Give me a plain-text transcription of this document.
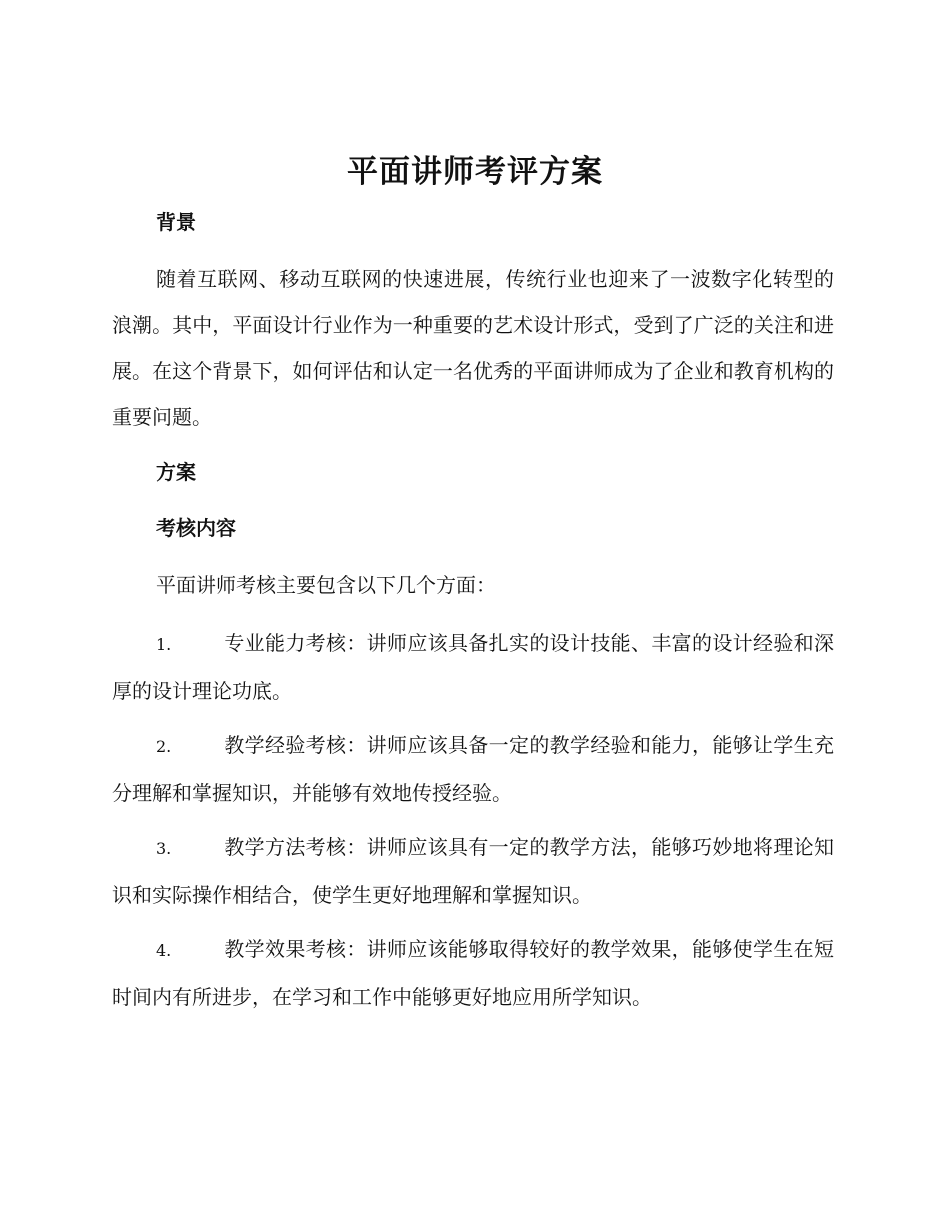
平面讲师考评方案
背景

随着互联网、移动互联网的快速进展，传统行业也迎来了一波数字化转型的浪潮。其中，平面设计行业作为一种重要的艺术设计形式，受到了广泛的关注和进展。在这个背景下，如何评估和认定一名优秀的平面讲师成为了企业和教育机构的重要问题。

方案
考核内容

平面讲师考核主要包含以下几个方面：

1.	专业能力考核：讲师应该具备扎实的设计技能、丰富的设计经验和深厚的设计理论功底。

2.	教学经验考核：讲师应该具备一定的教学经验和能力，能够让学生充分理解和掌握知识，并能够有效地传授经验。

3.	教学方法考核：讲师应该具有一定的教学方法，能够巧妙地将理论知识和实际操作相结合，使学生更好地理解和掌握知识。

4.	教学效果考核：讲师应该能够取得较好的教学效果，能够使学生在短时间内有所进步，在学习和工作中能够更好地应用所学知识。
